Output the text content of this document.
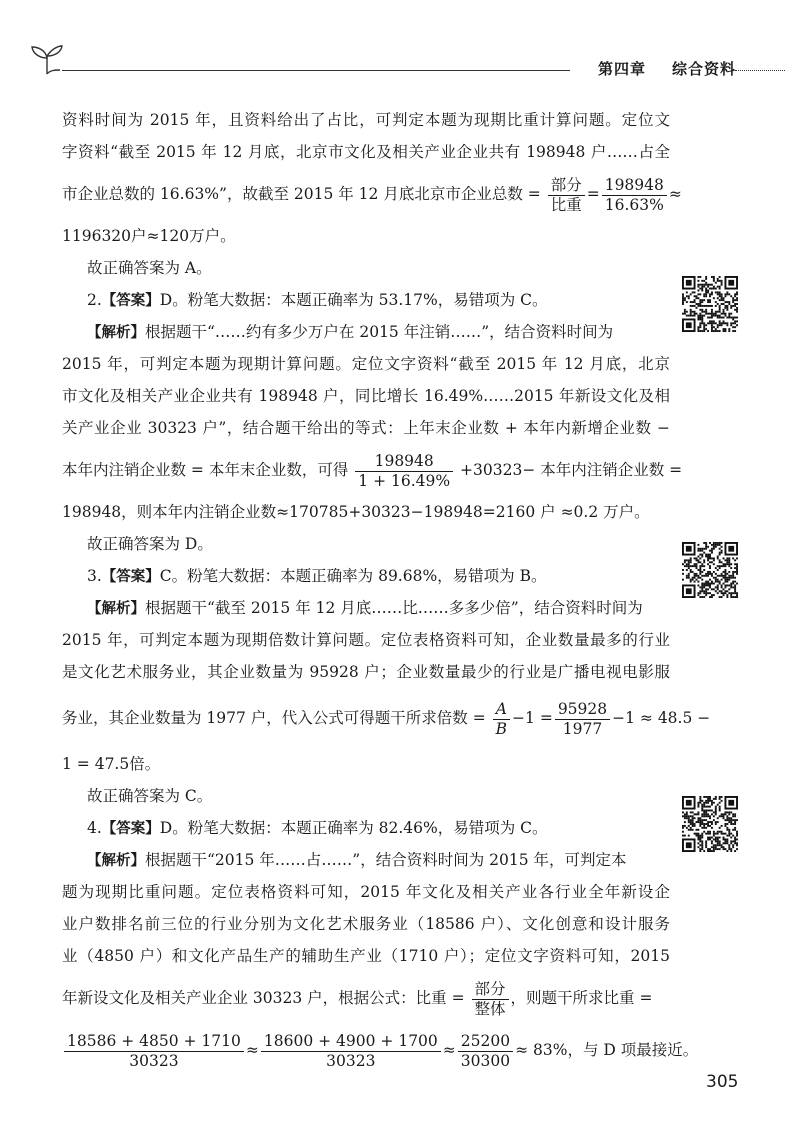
第四章 综合资料
资料时间为 2015 年，且资料给出了占比，可判定本题为现期比重计算问题。定位文
字资料“截至 2015 年 12 月底，北京市文化及相关产业企业共有 198948 户……占全
市企业总数的 16.63%”，故截至 2015 年 12 月底北京市企业总数 = $\frac{\text{部分}}{\text{比重}} = \frac{198948}{16.63\%}$ ≈
1196320户≈120万户。
故正确答案为 A。
2.【答案】D。粉笔大数据：本题正确率为 53.17%，易错项为 C。
【解析】根据题干“……约有多少万户在 2015 年注销……”，结合资料时间为
2015 年，可判定本题为现期计算问题。定位文字资料“截至 2015 年 12 月底，北京
市文化及相关产业企业共有 198948 户，同比增长 16.49%……2015 年新设文化及相
关产业企业 30323 户”，结合题干给出的等式：上年末企业数 + 本年内新增企业数 −
本年内注销企业数 = 本年末企业数，可得 $\frac{198948}{1 + 16.49\%} +30323-$ 本年内注销企业数 =
198948，则本年内注销企业数≈170785+30323−198948=2160 户 ≈0.2 万户。
故正确答案为 D。
3.【答案】C。粉笔大数据：本题正确率为 89.68%，易错项为 B。
【解析】根据题干“截至 2015 年 12 月底……比……多多少倍”，结合资料时间为
2015 年，可判定本题为现期倍数计算问题。定位表格资料可知，企业数量最多的行业
是文化艺术服务业，其企业数量为 95928 户；企业数量最少的行业是广播电视电影服
务业，其企业数量为 1977 户，代入公式可得题干所求倍数 = $\frac{A}{B} -1 = \frac{95928}{1977} -1 \approx 48.5$ −
1 = 47.5倍。
故正确答案为 C。
4.【答案】D。粉笔大数据：本题正确率为 82.46%，易错项为 C。
【解析】根据题干“2015 年……占……”，结合资料时间为 2015 年，可判定本
题为现期比重问题。定位表格资料可知，2015 年文化及相关产业各行业全年新设企
业户数排名前三位的行业分别为文化艺术服务业（18586 户）、文化创意和设计服务
业（4850 户）和文化产品生产的辅助生产业（1710 户）；定位文字资料可知，2015
年新设文化及相关产业企业 30323 户，根据公式：比重 = $\frac{\text{部分}}{\text{整体}}$ ，则题干所求比重 =
$\frac{18586 + 4850 + 1710}{30323} \approx \frac{18600 + 4900 + 1700}{30323} \approx \frac{25200}{30300} \approx 83\%$，与 D 项最接近。
305
